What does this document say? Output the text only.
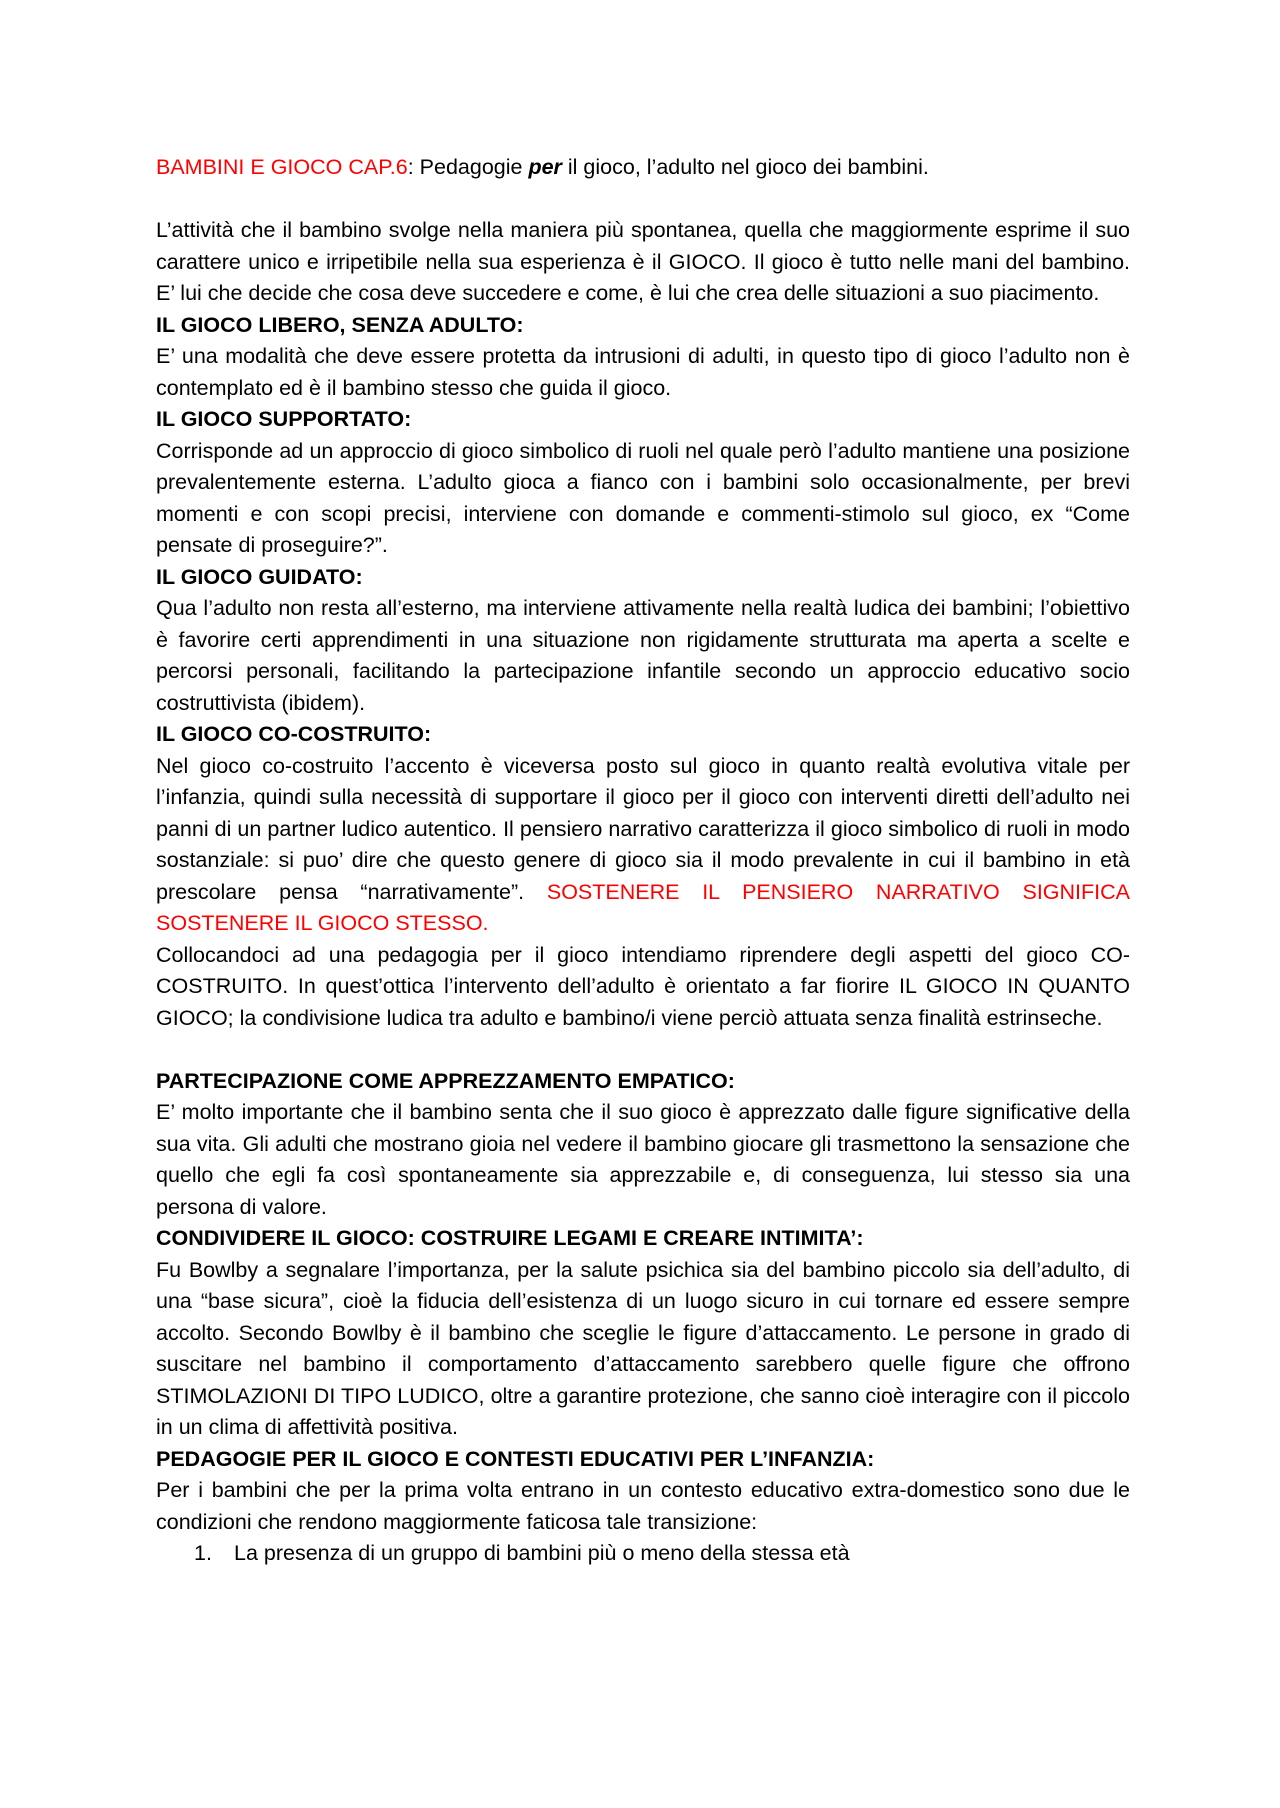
BAMBINI E GIOCO CAP.6: Pedagogie per il gioco, l’adulto nel gioco dei bambini.

L’attività che il bambino svolge nella maniera più spontanea, quella che maggiormente esprime il suo carattere unico e irripetibile nella sua esperienza è il GIOCO. Il gioco è tutto nelle mani del bambino. E’ lui che decide che cosa deve succedere e come, è lui che crea delle situazioni a suo piacimento.

IL GIOCO LIBERO, SENZA ADULTO:

E’ una modalità che deve essere protetta da intrusioni di adulti, in questo tipo di gioco l’adulto non è contemplato ed è il bambino stesso che guida il gioco.

IL GIOCO SUPPORTATO:

Corrisponde ad un approccio di gioco simbolico di ruoli nel quale però l’adulto mantiene una posizione prevalentemente esterna. L’adulto gioca a fianco con i bambini solo occasionalmente, per brevi momenti e con scopi precisi, interviene con domande e commenti-stimolo sul gioco, ex “Come pensate di proseguire?”.

IL GIOCO GUIDATO:

Qua l’adulto non resta all’esterno, ma interviene attivamente nella realtà ludica dei bambini; l’obiettivo è favorire certi apprendimenti in una situazione non rigidamente strutturata ma aperta a scelte e percorsi personali, facilitando la partecipazione infantile secondo un approccio educativo socio costruttivista (ibidem).

IL GIOCO CO-COSTRUITO:

Nel gioco co-costruito l’accento è viceversa posto sul gioco in quanto realtà evolutiva vitale per l’infanzia, quindi sulla necessità di supportare il gioco per il gioco con interventi diretti dell’adulto nei panni di un partner ludico autentico. Il pensiero narrativo caratterizza il gioco simbolico di ruoli in modo sostanziale: si puo’ dire che questo genere di gioco sia il modo prevalente in cui il bambino in età prescolare pensa “narrativamente”. SOSTENERE IL PENSIERO NARRATIVO SIGNIFICA SOSTENERE IL GIOCO STESSO.

Collocandoci ad una pedagogia per il gioco intendiamo riprendere degli aspetti del gioco CO-COSTRUITO. In quest’ottica l’intervento dell’adulto è orientato a far fiorire IL GIOCO IN QUANTO GIOCO; la condivisione ludica tra adulto e bambino/i viene perciò attuata senza finalità estrinseche.

PARTECIPAZIONE COME APPREZZAMENTO EMPATICO:

E’ molto importante che il bambino senta che il suo gioco è apprezzato dalle figure significative della sua vita. Gli adulti che mostrano gioia nel vedere il bambino giocare gli trasmettono la sensazione che quello che egli fa così spontaneamente sia apprezzabile e, di conseguenza, lui stesso sia una persona di valore.

CONDIVIDERE IL GIOCO: COSTRUIRE LEGAMI E CREARE INTIMITA’:

Fu Bowlby a segnalare l’importanza, per la salute psichica sia del bambino piccolo sia dell’adulto, di una “base sicura”, cioè la fiducia dell’esistenza di un luogo sicuro in cui tornare ed essere sempre accolto. Secondo Bowlby è il bambino che sceglie le figure d’attaccamento. Le persone in grado di suscitare nel bambino il comportamento d’attaccamento sarebbero quelle figure che offrono STIMOLAZIONI DI TIPO LUDICO, oltre a garantire protezione, che sanno cioè interagire con il piccolo in un clima di affettività positiva.

PEDAGOGIE PER IL GIOCO E CONTESTI EDUCATIVI PER L’INFANZIA:

Per i bambini che per la prima volta entrano in un contesto educativo extra-domestico sono due le condizioni che rendono maggiormente faticosa tale transizione:

1. La presenza di un gruppo di bambini più o meno della stessa età
